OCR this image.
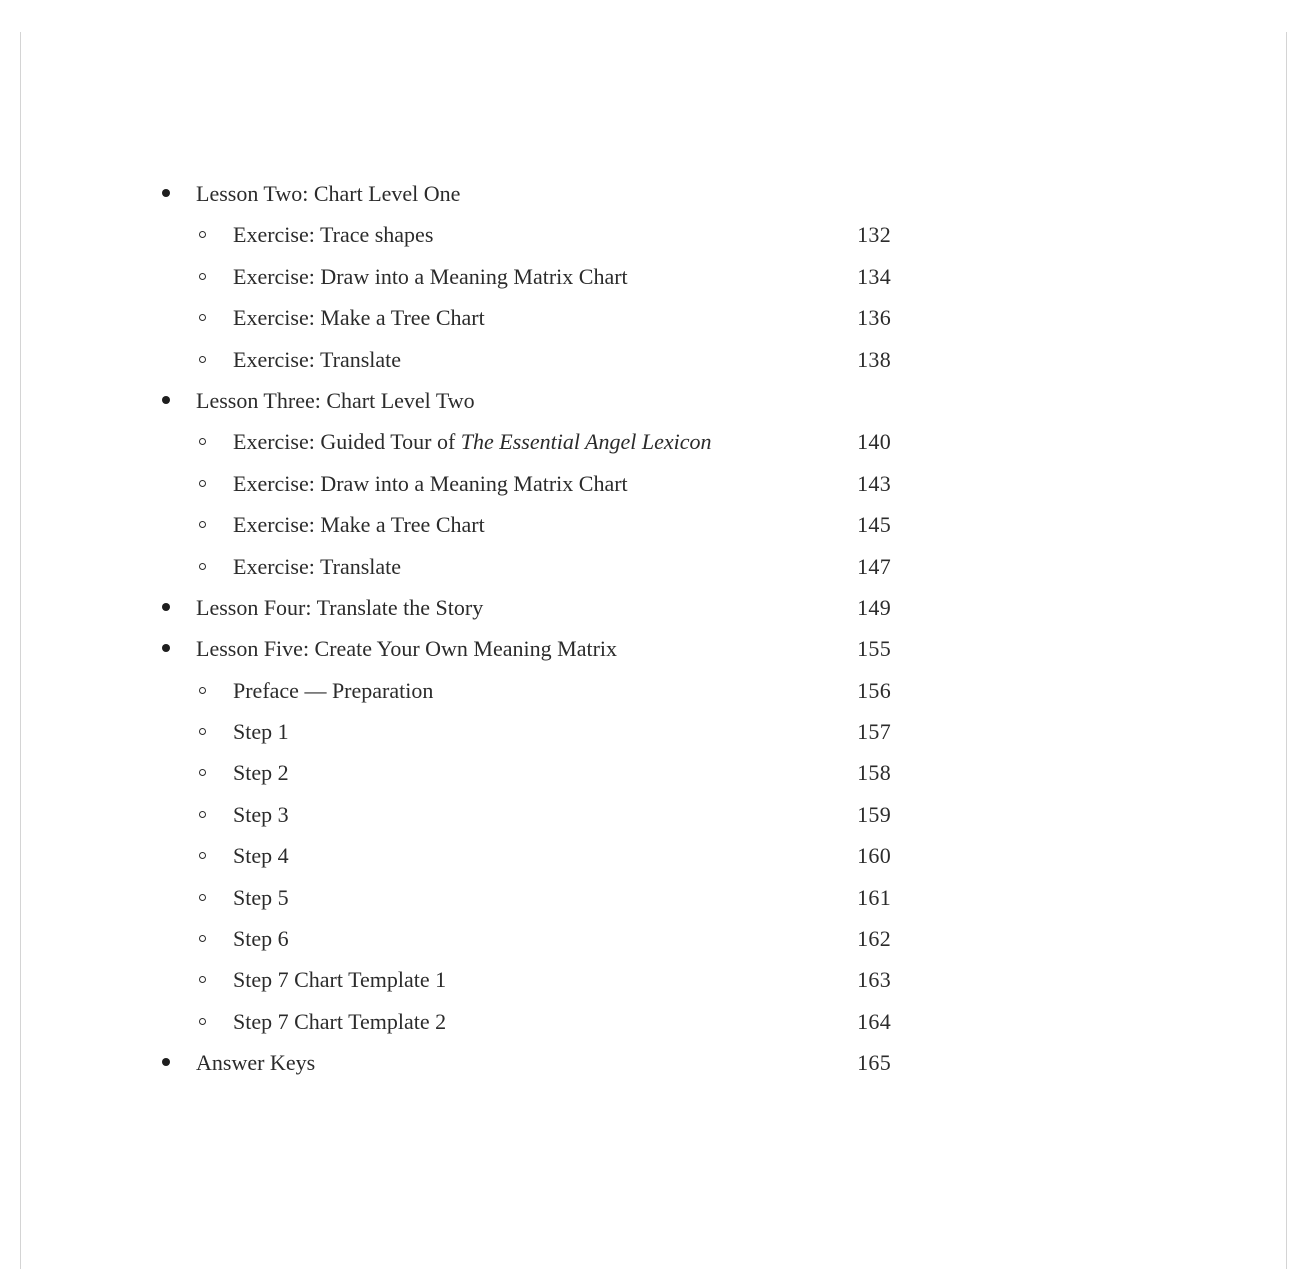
Lesson Two: Chart Level One
Exercise: Trace shapes	132
Exercise: Draw into a Meaning Matrix Chart	134
Exercise: Make a Tree Chart	136
Exercise: Translate	138
Lesson Three: Chart Level Two
Exercise: Guided Tour of The Essential Angel Lexicon	140
Exercise: Draw into a Meaning Matrix Chart	143
Exercise: Make a Tree Chart	145
Exercise: Translate	147
Lesson Four: Translate the Story	149
Lesson Five: Create Your Own Meaning Matrix	155
Preface — Preparation	156
Step 1	157
Step 2	158
Step 3	159
Step 4	160
Step 5	161
Step 6	162
Step 7 Chart Template 1	163
Step 7 Chart Template 2	164
Answer Keys	165
